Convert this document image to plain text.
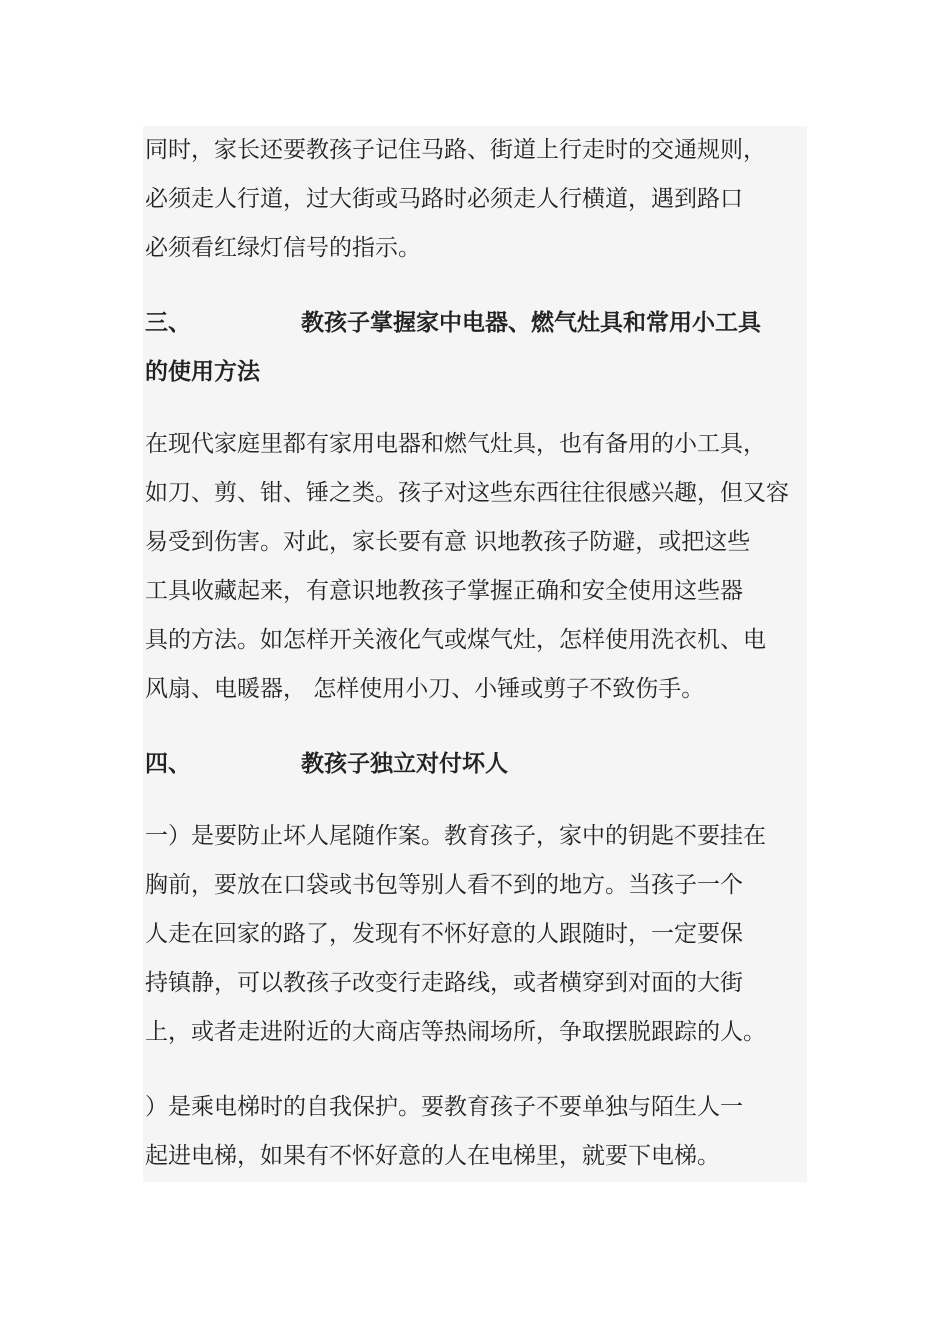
同时，家长还要教孩子记住马路、街道上行走时的交通规则，
必须走人行道，过大街或马路时必须走人行横道，遇到路口
必须看红绿灯信号的指示。
三、	教孩子掌握家中电器、燃气灶具和常用小工具
的使用方法
在现代家庭里都有家用电器和燃气灶具，也有备用的小工具，
如刀、剪、钳、锤之类。孩子对这些东西往往很感兴趣，但又容
易受到伤害。对此，家长要有意 识地教孩子防避，或把这些
工具收藏起来，有意识地教孩子掌握正确和安全使用这些器
具的方法。如怎样开关液化气或煤气灶，怎样使用洗衣机、电
风扇、电暖器， 怎样使用小刀、小锤或剪子不致伤手。
四、	教孩子独立对付坏人
一）是要防止坏人尾随作案。教育孩子，家中的钥匙不要挂在
胸前，要放在口袋或书包等别人看不到的地方。当孩子一个
人走在回家的路了，发现有不怀好意的人跟随时，一定要保
持镇静，可以教孩子改变行走路线，或者横穿到对面的大街
上，或者走进附近的大商店等热闹场所，争取摆脱跟踪的人。
）是乘电梯时的自我保护。要教育孩子不要单独与陌生人一
起进电梯，如果有不怀好意的人在电梯里，就要下电梯。
